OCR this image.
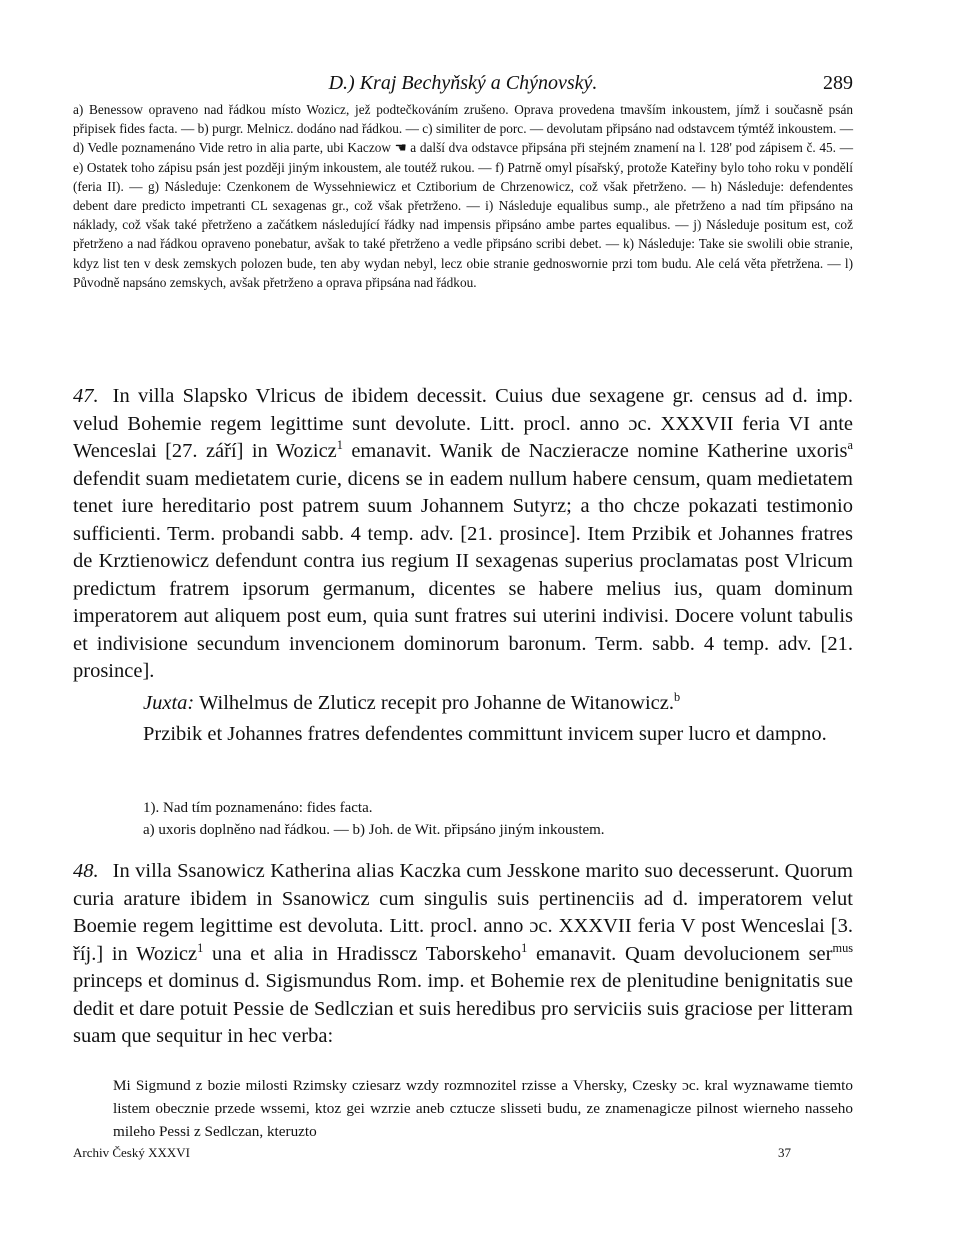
D.) Kraj Bechyňský a Chýnovský.	289

a) Benessow opraveno nad řádkou místo Wozicz, jež podtečkováním zrušeno. Oprava provedena tmavším inkoustem, jímž i současně psán připisek fides facta. — b) purgr. Melnicz. dodáno nad řádkou. — c) similiter de porc. — devolutam připsáno nad odstavcem týmtéž inkoustem. — d) Vedle poznamenáno Vide retro in alia parte, ubi Kaczow ☚ a další dva odstavce připsána při stejném znamení na l. 128' pod zápisem č. 45. — e) Ostatek toho zápisu psán jest později jiným inkoustem, ale toutéž rukou. — f) Patrně omyl písařský, protože Kateřiny bylo toho roku v pondělí (feria II). — g) Následuje: Czenkonem de Wyssehniewicz et Cztiborium de Chrzenowicz, což však přetrženo. — h) Následuje: defendentes debent dare predicto impetranti CL sexagenas gr., což však přetrženo. — i) Následuje equalibus sump., ale přetrženo a nad tím připsáno na náklady, což však také přetrženo a začátkem následující řádky nad impensis připsáno ambe partes equalibus. — j) Následuje positum est, což přetrženo a nad řádkou opraveno ponebatur, avšak to také přetrženo a vedle připsáno scribi debet. — k) Následuje: Take sie swolili obie stranie, kdyz list ten v desk zemskych polozen bude, ten aby wydan nebyl, lecz obie stranie gednoswornie przi tom budu. Ale celá věta přetržena. — l) Původně napsáno zemskych, avšak přetrženo a oprava připsána nad řádkou.

47. In villa Slapsko Vlricus de ibidem decessit. Cuius due sexagene gr. census ad d. imp. velud Bohemie regem legittime sunt devolute. Litt. procl. anno ɔc. XXXVII feria VI ante Wenceslai [27. září] in Wozicz$^1$ emanavit. Wanik de Naczieracze nomine Katherine uxoris$^a$ defendit suam medietatem curie, dicens se in eadem nullum habere censum, quam medietatem tenet iure hereditario post patrem suum Johannem Sutyrz; a tho chcze pokazati testimonio sufficienti. Term. probandi sabb. 4 temp. adv. [21. prosince]. Item Przibik et Johannes fratres de Krztienowicz defendunt contra ius regium II sexagenas superius proclamatas post Vlricum predictum fratrem ipsorum germanum, dicentes se habere melius ius, quam dominum imperatorem aut aliquem post eum, quia sunt fratres sui uterini indivisi. Docere volunt tabulis et indivisione secundum invencionem dominorum baronum. Term. sabb. 4 temp. adv. [21. prosince].

Juxta: Wilhelmus de Zluticz recepit pro Johanne de Witanowicz.$^b$

Przibik et Johannes fratres defendentes committunt invicem super lucro et dampno.

1). Nad tím poznamenáno: fides facta.

a) uxoris doplněno nad řádkou. — b) Joh. de Wit. připsáno jiným inkoustem.

48. In villa Ssanowicz Katherina alias Kaczka cum Jesskone marito suo decesserunt. Quorum curia arature ibidem in Ssanowicz cum singulis suis pertinenciis ad d. imperatorem velut Boemie regem legittime est devoluta. Litt. procl. anno ɔc. XXXVII feria V post Wenceslai [3. říj.] in Wozicz$^1$ una et alia in Hradisscz Taborskeho$^1$ emanavit. Quam devolucionem ser$^{mus}$ princeps et dominus d. Sigismundus Rom. imp. et Bohemie rex de plenitudine benignitatis sue dedit et dare potuit Pessie de Sedlczian et suis heredibus pro serviciis suis graciose per litteram suam que sequitur in hec verba:

Mi Sigmund z bozie milosti Rzimsky cziesarz wzdy rozmnozitel rzisse a Vhersky, Czesky ɔc. kral wyznawame tiemto listem obecznie przede wssemi, ktoz gei wzrzie aneb cztucze slisseti budu, ze znamenagicze pilnost wierneho nasseho mileho Pessi z Sedlczan, kteruzto

Archiv Český XXXVI	37
